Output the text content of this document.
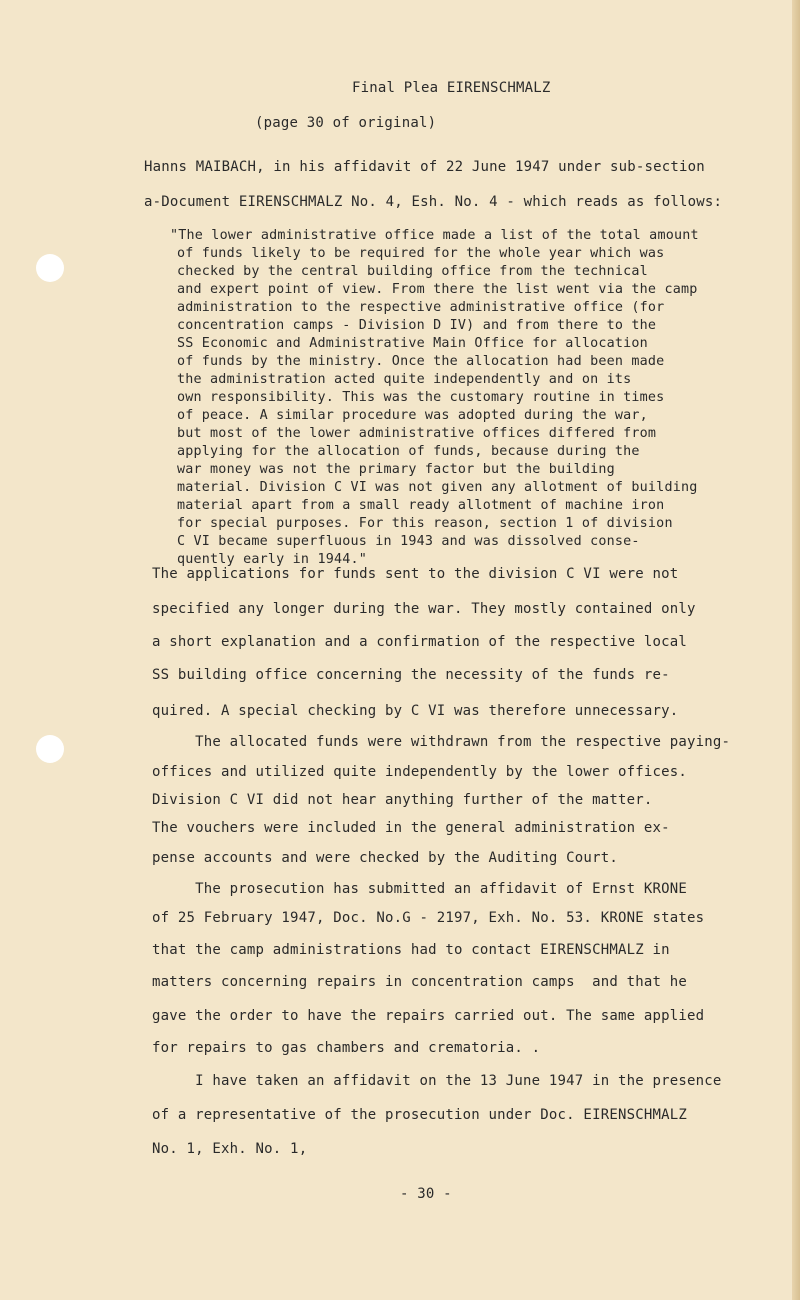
Final Plea EIRENSCHMALZ
(page 30 of original)
Hanns MAIBACH, in his affidavit of 22 June 1947 under sub-section
a-Document EIRENSCHMALZ No. 4, Esh. No. 4 - which reads as follows:
"The lower administrative office made a list of the total amount
of funds likely to be required for the whole year which was
checked by the central building office from the technical
and expert point of view. From there the list went via the camp
administration to the respective administrative office (for
concentration camps - Division D IV) and from there to the
SS Economic and Administrative Main Office for allocation
of funds by the ministry. Once the allocation had been made
the administration acted quite independently and on its
own responsibility. This was the customary routine in times
of peace. A similar procedure was adopted during the war,
but most of the lower administrative offices differed from
applying for the allocation of funds, because during the
war money was not the primary factor but the building
material. Division C VI was not given any allotment of building
material apart from a small ready allotment of machine iron
for special purposes. For this reason, section 1 of division
C VI became superfluous in 1943 and was dissolved conse-
quently early in 1944."
The applications for funds sent to the division C VI were not
specified any longer during the war. They mostly contained only
a short explanation and a confirmation of the respective local
SS building office concerning the necessity of the funds re-
quired. A special checking by C VI was therefore unnecessary.
The allocated funds were withdrawn from the respective paying-
offices and utilized quite independently by the lower offices.
Division C VI did not hear anything further of the matter.
The vouchers were included in the general administration ex-
pense accounts and were checked by the Auditing Court.
The prosecution has submitted an affidavit of Ernst KRONE
of 25 February 1947, Doc. No.G - 2197, Exh. No. 53. KRONE states
that the camp administrations had to contact EIRENSCHMALZ in
matters concerning repairs in concentration camps  and that he
gave the order to have the repairs carried out. The same applied
for repairs to gas chambers and crematoria. .
I have taken an affidavit on the 13 June 1947 in the presence
of a representative of the prosecution under Doc. EIRENSCHMALZ
No. 1, Exh. No. 1,
- 30 -
